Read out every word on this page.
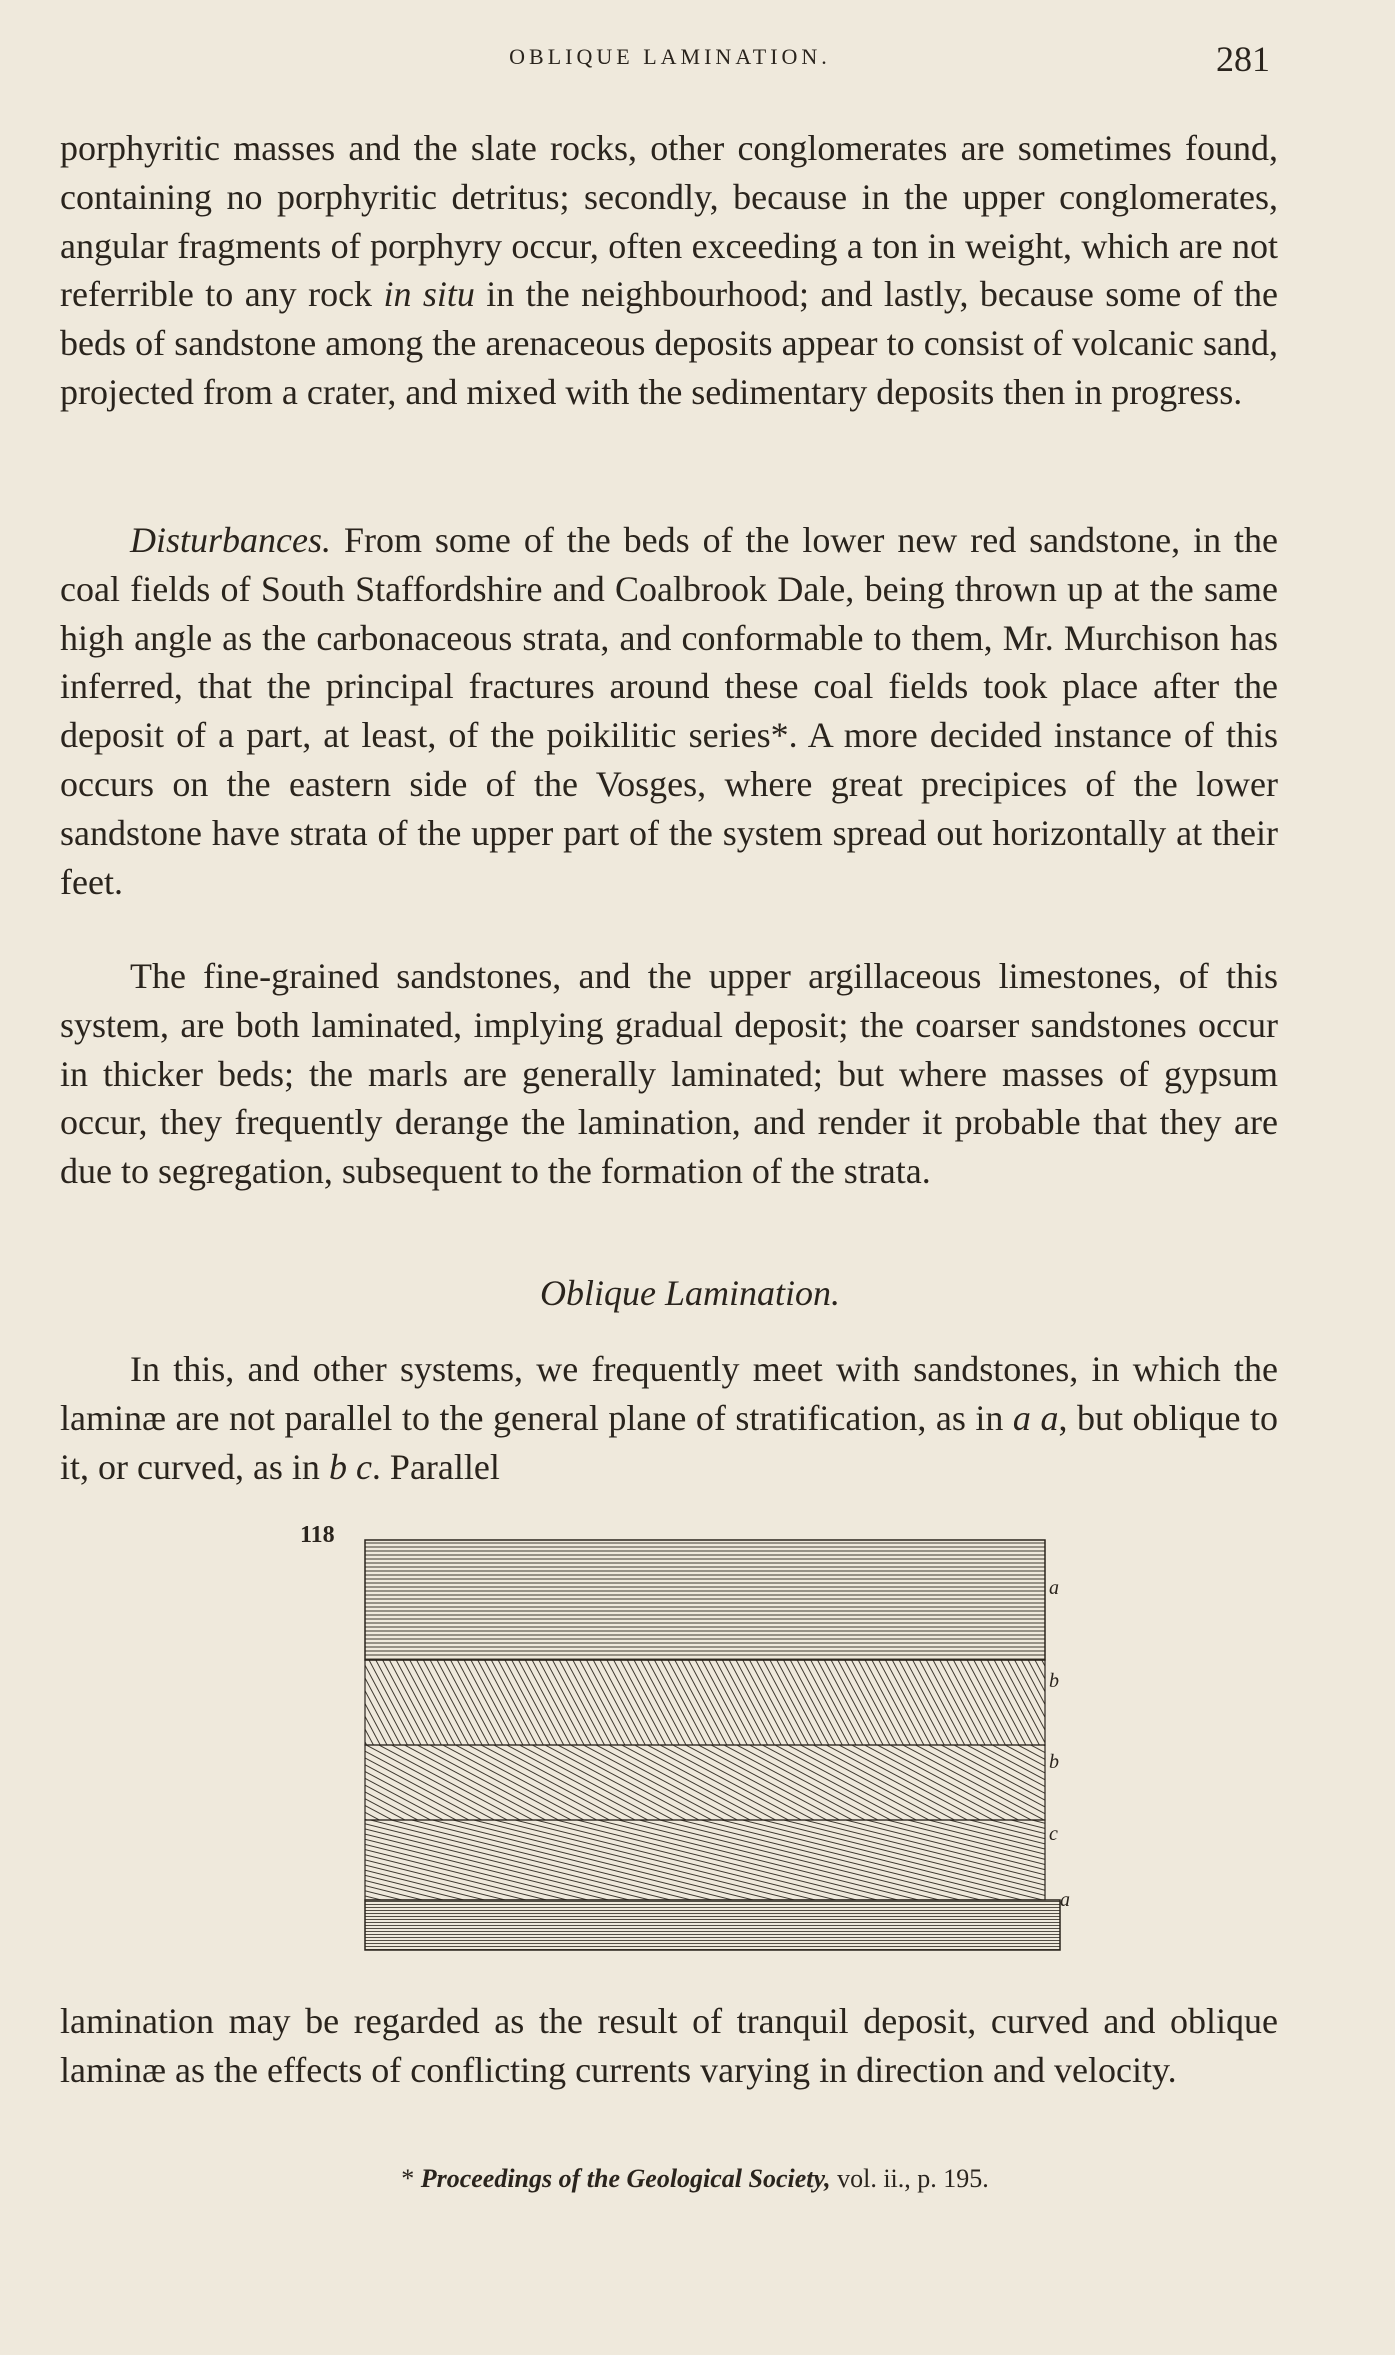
OBLIQUE LAMINATION.	281
porphyritic masses and the slate rocks, other conglomerates are sometimes found, containing no porphyritic detritus; secondly, because in the upper conglomerates, angular fragments of porphyry occur, often exceeding a ton in weight, which are not referrible to any rock in situ in the neighbourhood; and lastly, because some of the beds of sandstone among the arenaceous deposits appear to consist of volcanic sand, projected from a crater, and mixed with the sedimentary deposits then in progress.
Disturbances. From some of the beds of the lower new red sandstone, in the coal fields of South Staffordshire and Coalbrook Dale, being thrown up at the same high angle as the carbonaceous strata, and conformable to them, Mr. Murchison has inferred, that the principal fractures around these coal fields took place after the deposit of a part, at least, of the poikilitic series*. A more decided instance of this occurs on the eastern side of the Vosges, where great precipices of the lower sandstone have strata of the upper part of the system spread out horizontally at their feet.
The fine-grained sandstones, and the upper argillaceous limestones, of this system, are both laminated, implying gradual deposit; the coarser sandstones occur in thicker beds; the marls are generally laminated; but where masses of gypsum occur, they frequently derange the lamination, and render it probable that they are due to segregation, subsequent to the formation of the strata.
Oblique Lamination.
In this, and other systems, we frequently meet with sandstones, in which the laminæ are not parallel to the general plane of stratification, as in a a, but oblique to it, or curved, as in b c. Parallel
118
a
b
b
c
a
lamination may be regarded as the result of tranquil deposit, curved and oblique laminæ as the effects of conflicting currents varying in direction and velocity.
* Proceedings of the Geological Society, vol. ii., p. 195.
